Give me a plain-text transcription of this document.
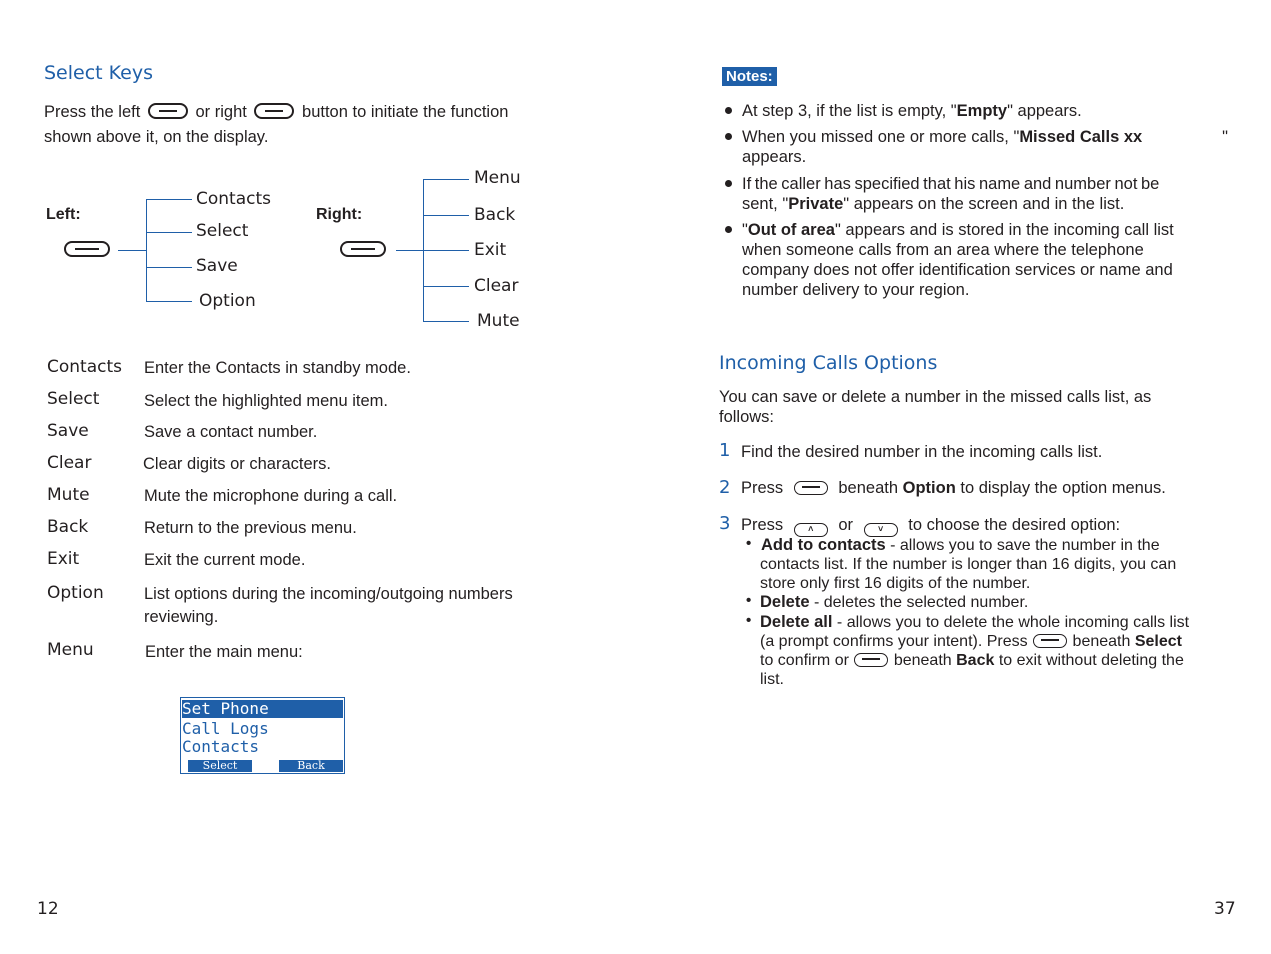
Select Keys
Press the left	or right	button to initiate the function
shown above it, on the display.
Left:
Contacts
Select
Save
Option
Right:
Menu
Back
Exit
Clear
Mute
Contacts Enter the Contacts in standby mode.
Select	Select the highlighted menu item.
Save	Save a contact number.
Clear	Clear digits or characters.
Mute	Mute the microphone during a call.
Back	Return to the previous menu.
Exit	Exit the current mode.
Option List options during the incoming/outgoing numbers
reviewing.
Menu	Enter the main menu:
Set Phone
Call Logs
Contacts
Select	Back
12
Notes:
At step 3, if the list is empty, "Empty" appears.
When you missed one or more calls, "Missed Calls xx	"
appears.
If the caller has specified that his name and number not be
sent, "Private" appears on the screen and in the list.
"Out of area" appears and is stored in the incoming call list
when someone calls from an area where the telephone
company does not offer identification services or name and
number delivery to your region.
Incoming Calls Options
You can save or delete a number in the missed calls list, as
follows:
1 Find the desired number in the incoming calls list.
2 Press	beneath Option to display the option menus.
3 Press	˄ or	˅ to choose the desired option:
• Add to contacts - allows you to save the number in the
contacts list. If the number is longer than 16 digits, you can
store only first 16 digits of the number.
• Delete - deletes the selected number.
• Delete all - allows you to delete the whole incoming calls list
(a prompt confirms your intent). Press	beneath Select
to confirm or	beneath Back to exit without deleting the
list.
37
